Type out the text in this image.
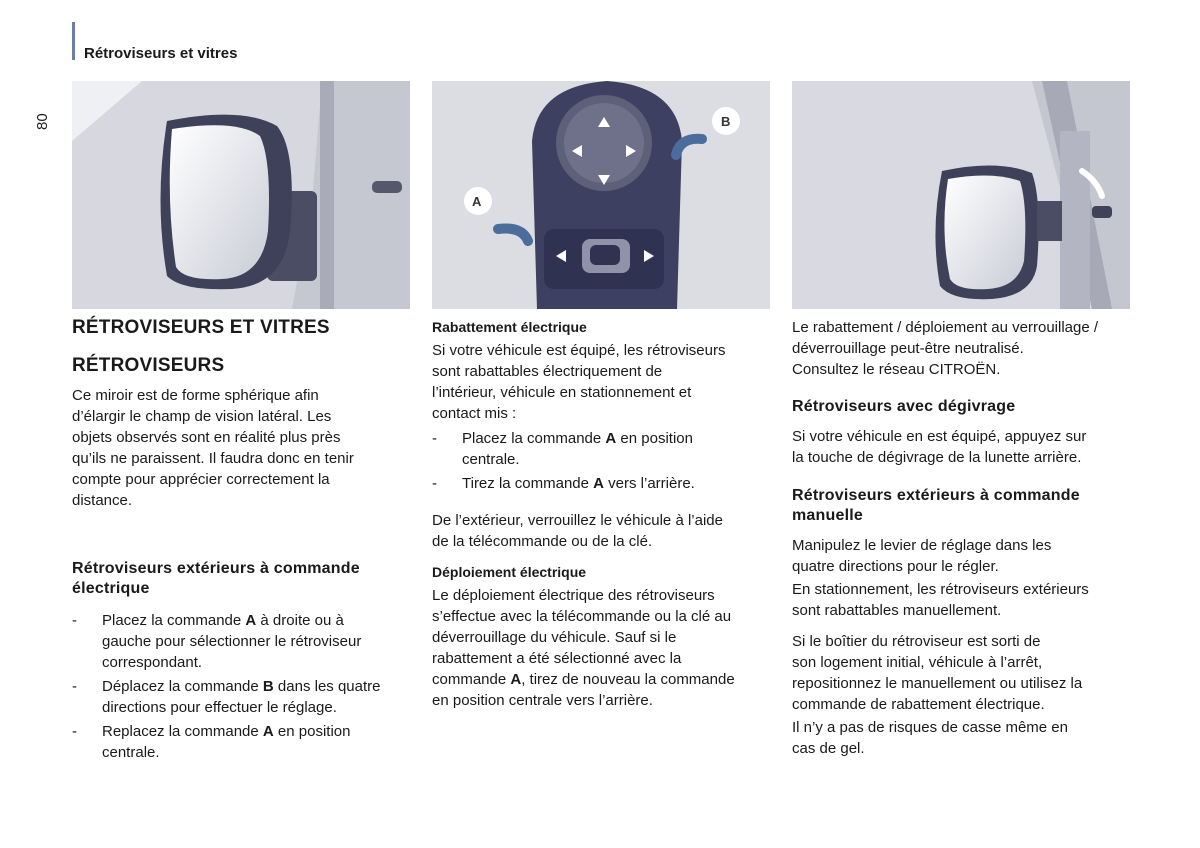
Rétroviseurs et vitres
80
A
B

RÉTROVISEURS ET VITRES

RÉTROVISEURS

Ce miroir est de forme sphérique afin

d’élargir le champ de vision latéral. Les

objets observés sont en réalité plus près

qu’ils ne paraissent. Il faudra donc en tenir

compte pour apprécier correctement la

distance.

Rétroviseurs extérieurs à commande

électrique

- Placez la commande A à droite ou à gauche pour sélectionner le rétroviseur correspondant.
- Déplacez la commande B dans les quatre directions pour effectuer le réglage.
- Replacez la commande A en position centrale.

Rabattement électrique

Si votre véhicule est équipé, les rétroviseurs

sont rabattables électriquement de

l’intérieur, véhicule en stationnement et

contact mis :

- Placez la commande A en position centrale.
- Tirez la commande A vers l’arrière.

De l’extérieur, verrouillez le véhicule à l’aide

de la télécommande ou de la clé.

Déploiement électrique

Le déploiement électrique des rétroviseurs s’effectue avec la télécommande ou la clé au déverrouillage du véhicule. Sauf si le rabattement a été sélectionné avec la commande A, tirez de nouveau la commande en position centrale vers l’arrière.

Le rabattement / déploiement au verrouillage /

déverrouillage peut-être neutralisé.

Consultez le réseau CITROËN.

Rétroviseurs avec dégivrage

Si votre véhicule en est équipé, appuyez sur

la touche de dégivrage de la lunette arrière.

Rétroviseurs extérieurs à commande

manuelle

Manipulez le levier de réglage dans les

quatre directions pour le régler.

En stationnement, les rétroviseurs extérieurs

sont rabattables manuellement.

Si le boîtier du rétroviseur est sorti de

son logement initial, véhicule à l’arrêt,

repositionnez le manuellement ou utilisez la

commande de rabattement électrique.

Il n’y a pas de risques de casse même en

cas de gel.
